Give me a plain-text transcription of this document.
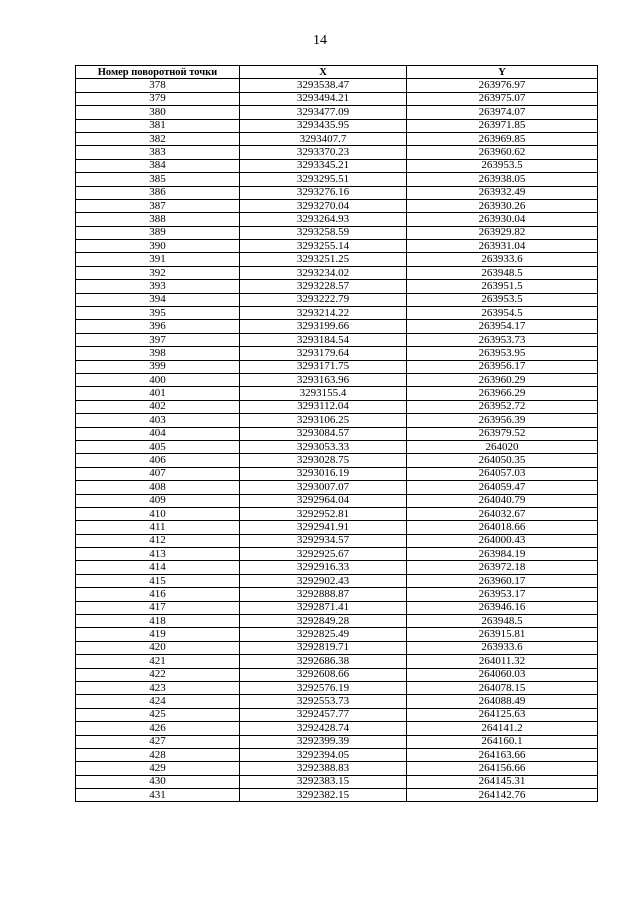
14
Номер поворотной точки	X	Y
378	3293538.47	263976.97
379	3293494.21	263975.07
380	3293477.09	263974.07
381	3293435.95	263971.85
382	3293407.7	263969.85
383	3293370.23	263960.62
384	3293345.21	263953.5
385	3293295.51	263938.05
386	3293276.16	263932.49
387	3293270.04	263930.26
388	3293264.93	263930.04
389	3293258.59	263929.82
390	3293255.14	263931.04
391	3293251.25	263933.6
392	3293234.02	263948.5
393	3293228.57	263951.5
394	3293222.79	263953.5
395	3293214.22	263954.5
396	3293199.66	263954.17
397	3293184.54	263953.73
398	3293179.64	263953.95
399	3293171.75	263956.17
400	3293163.96	263960.29
401	3293155.4	263966.29
402	3293112.04	263952.72
403	3293106.25	263956.39
404	3293084.57	263979.52
405	3293053.33	264020
406	3293028.75	264050.35
407	3293016.19	264057.03
408	3293007.07	264059.47
409	3292964.04	264040.79
410	3292952.81	264032.67
411	3292941.91	264018.66
412	3292934.57	264000.43
413	3292925.67	263984.19
414	3292916.33	263972.18
415	3292902.43	263960.17
416	3292888.87	263953.17
417	3292871.41	263946.16
418	3292849.28	263948.5
419	3292825.49	263915.81
420	3292819.71	263933.6
421	3292686.38	264011.32
422	3292608.66	264060.03
423	3292576.19	264078.15
424	3292553.73	264088.49
425	3292457.77	264125.63
426	3292428.74	264141.2
427	3292399.39	264160.1
428	3292394.05	264163.66
429	3292388.83	264156.66
430	3292383.15	264145.31
431	3292382.15	264142.76
